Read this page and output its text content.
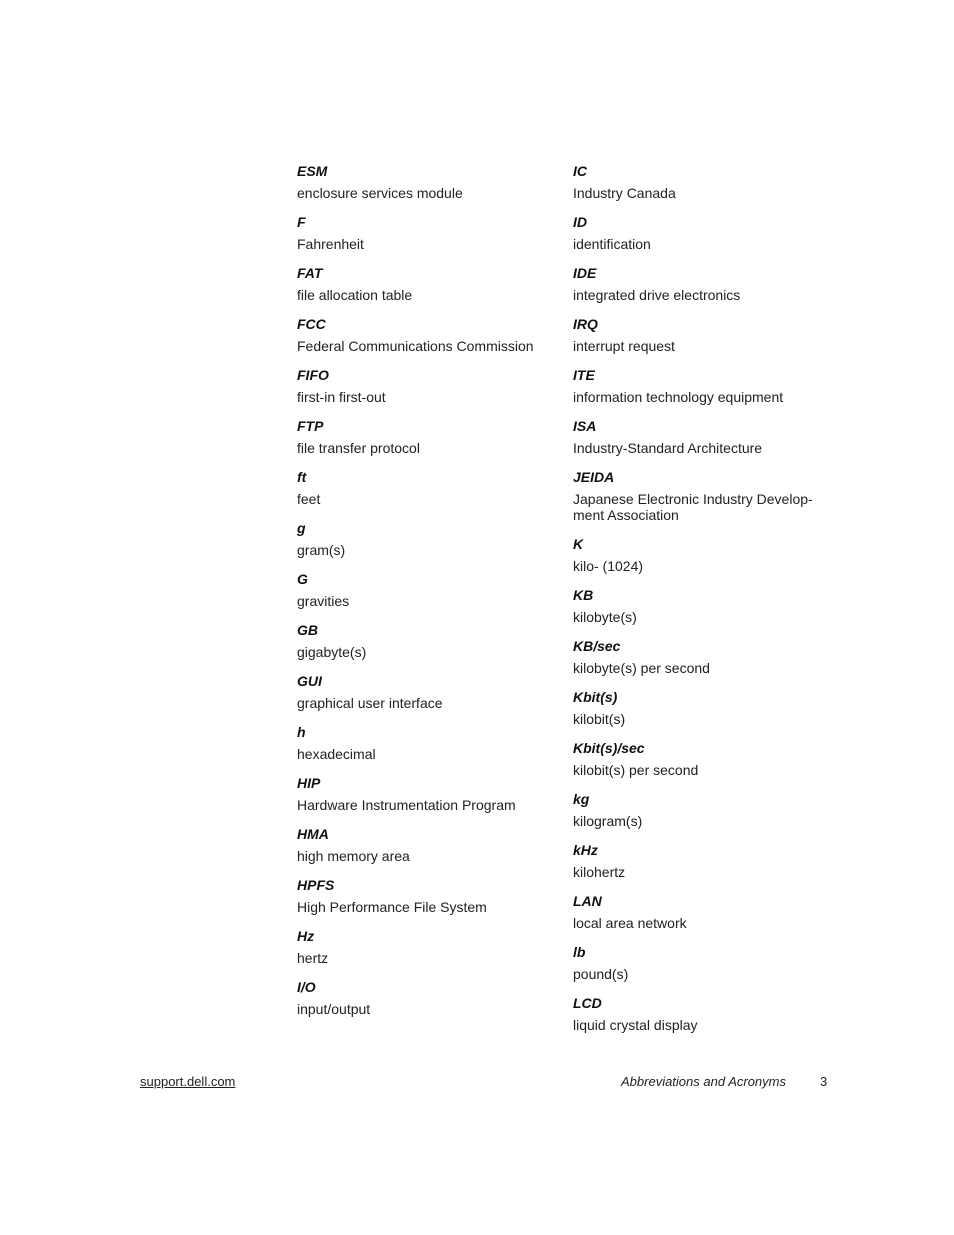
ESM
enclosure services module
F
Fahrenheit
FAT
file allocation table
FCC
Federal Communications Commission
FIFO
first-in first-out
FTP
file transfer protocol
ft
feet
g
gram(s)
G
gravities
GB
gigabyte(s)
GUI
graphical user interface
h
hexadecimal
HIP
Hardware Instrumentation Program
HMA
high memory area
HPFS
High Performance File System
Hz
hertz
I/O
input/output
IC
Industry Canada
ID
identification
IDE
integrated drive electronics
IRQ
interrupt request
ITE
information technology equipment
ISA
Industry-Standard Architecture
JEIDA
Japanese Electronic Industry Develop-ment Association
K
kilo- (1024)
KB
kilobyte(s)
KB/sec
kilobyte(s) per second
Kbit(s)
kilobit(s)
Kbit(s)/sec
kilobit(s) per second
kg
kilogram(s)
kHz
kilohertz
LAN
local area network
lb
pound(s)
LCD
liquid crystal display
support.dell.com	Abbreviations and Acronyms	3
